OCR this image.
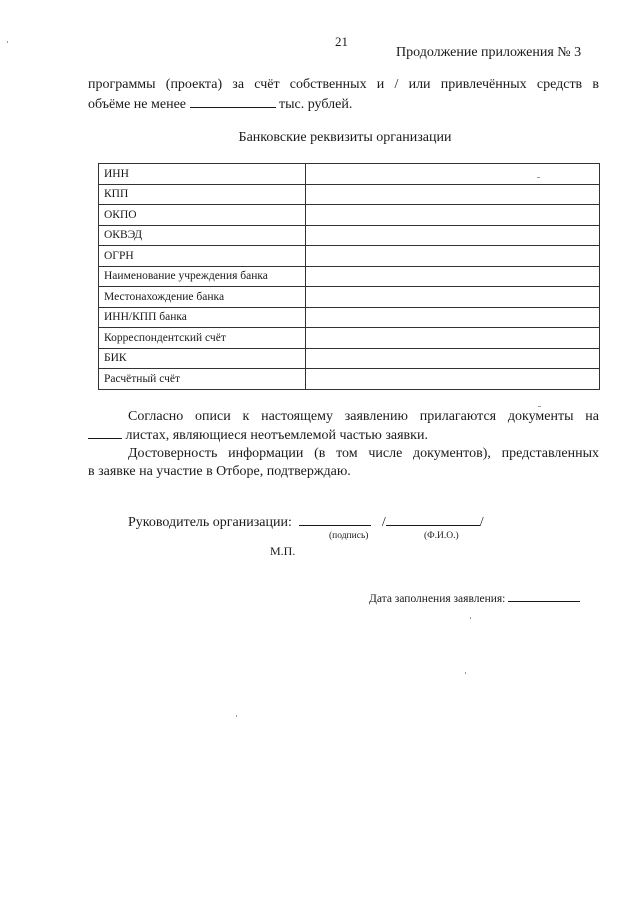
21
Продолжение приложения № 3
программы (проекта) за счёт собственных и / или привлечённых средств в
объёме не менее	тыс. рублей.
Банковские реквизиты организации
ИНН	
КПП	
ОКПО	
ОКВЭД	
ОГРН	
Наименование учреждения банка	
Местонахождение банка	
ИНН/КПП банка	
Корреспондентский счёт	
БИК	
Расчётный счёт	
Согласно описи к настоящему заявлению прилагаются документы на
листах, являющиеся неотъемлемой частью заявки.
Достоверность информации (в том числе документов), представленных
в заявке на участие в Отборе, подтверждаю.
Руководитель организации:	/	/
(подпись)	(Ф.И.О.)
М.П.
Дата заполнения заявления:
